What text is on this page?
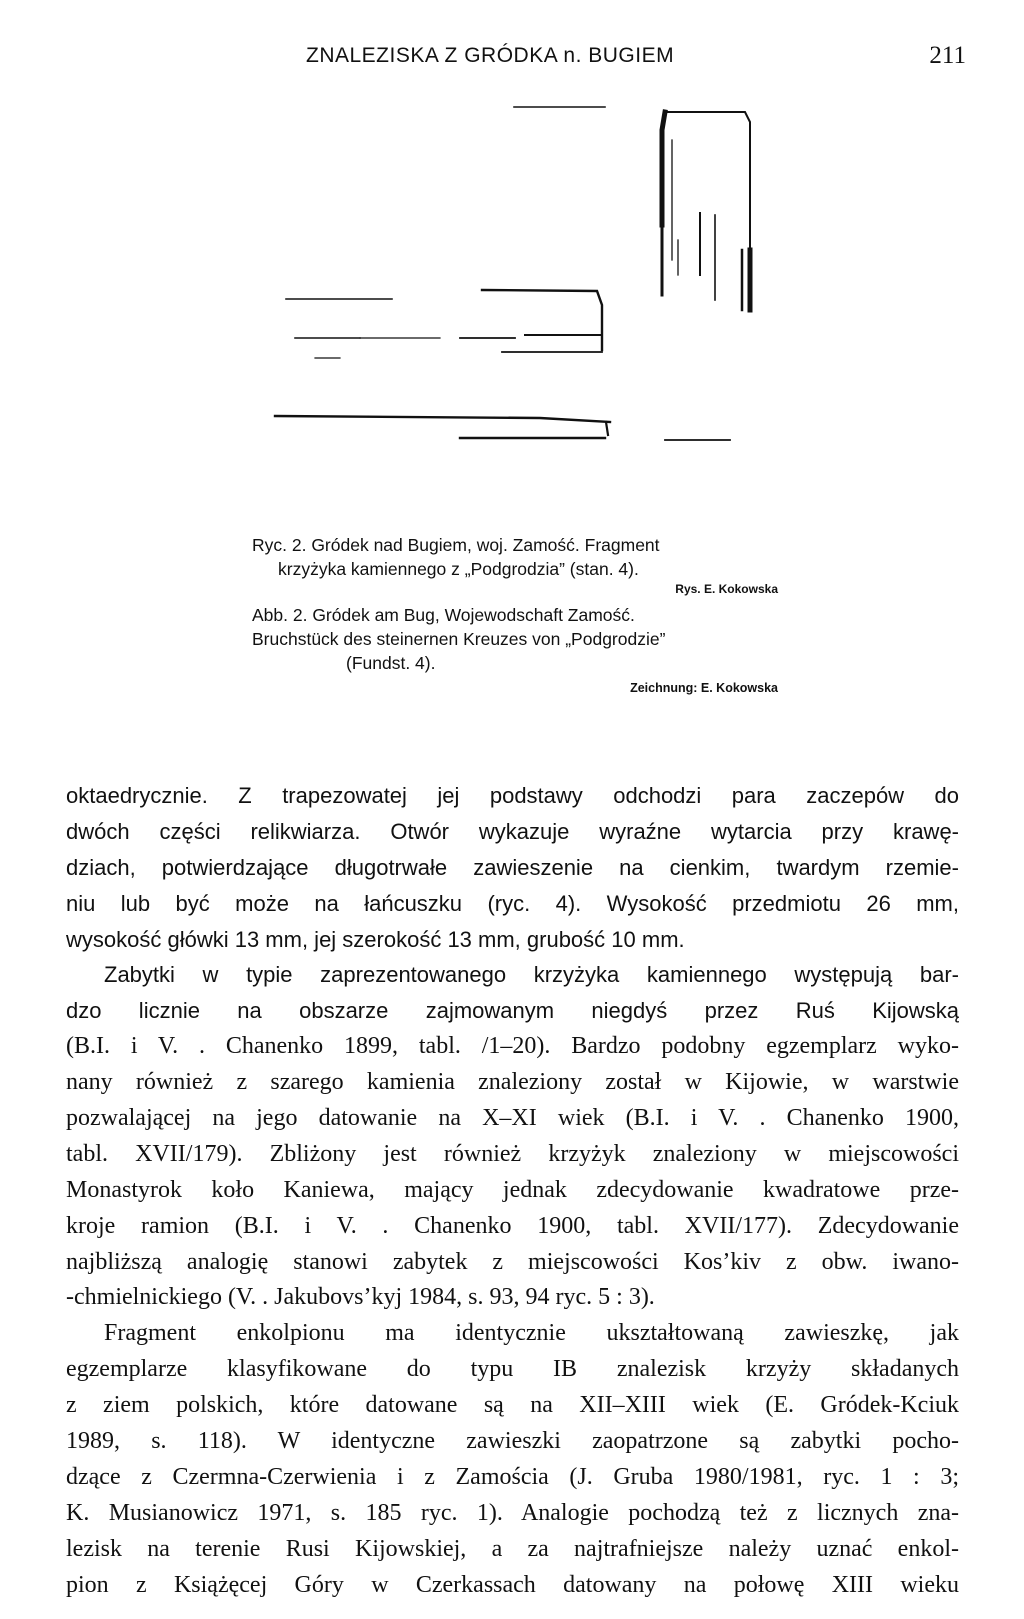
ZNALEZISKA Z GRÓDKA n. BUGIEM	211
Ryc. 2. Gródek nad Bugiem, woj. Zamość. Fragment
krzyżyka kamiennego z „Podgrodzia” (stan. 4).
Rys. E. Kokowska
Abb. 2. Gródek am Bug, Wojewodschaft Zamość.
Bruchstück des steinernen Kreuzes von „Podgrodzie”
(Fundst. 4).
Zeichnung: E. Kokowska
oktaedrycznie. Z trapezowatej jej podstawy odchodzi para zaczepów do
dwóch części relikwiarza. Otwór wykazuje wyraźne wytarcia przy krawę-
dziach, potwierdzające długotrwałe zawieszenie na cienkim, twardym rzemie-
niu lub być może na łańcuszku (ryc. 4). Wysokość przedmiotu 26 mm,
wysokość główki 13 mm, jej szerokość 13 mm, grubość 10 mm.
Zabytki w typie zaprezentowanego krzyżyka kamiennego występują bar-
dzo licznie na obszarze zajmowanym niegdyś przez Ruś Kijowską
(B.I. i V. . Chanenko 1899, tabl. /1–20). Bardzo podobny egzemplarz wyko-
nany również z szarego kamienia znaleziony został w Kijowie, w warstwie
pozwalającej na jego datowanie na X–XI wiek (B.I. i V. . Chanenko 1900,
tabl. XVII/179). Zbliżony jest również krzyżyk znaleziony w miejscowości
Monastyrok koło Kaniewa, mający jednak zdecydowanie kwadratowe prze-
kroje ramion (B.I. i V. . Chanenko 1900, tabl. XVII/177). Zdecydowanie
najbliższą analogię stanowi zabytek z miejscowości Kos’kiv z obw. iwano-
-chmielnickiego (V. . Jakubovs’kyj 1984, s. 93, 94 ryc. 5 : 3).
Fragment enkolpionu ma identycznie ukształtowaną zawieszkę, jak
egzemplarze klasyfikowane do typu IB znalezisk krzyży składanych
z ziem polskich, które datowane są na XII–XIII wiek (E. Gródek-Kciuk
1989, s. 118). W identyczne zawieszki zaopatrzone są zabytki pocho-
dzące z Czermna-Czerwienia i z Zamościa (J. Gruba 1980/1981, ryc. 1 : 3;
K. Musianowicz 1971, s. 185 ryc. 1). Analogie pochodzą też z licznych zna-
lezisk na terenie Rusi Kijowskiej, a za najtrafniejsze należy uznać enkol-
pion z Książęcej Góry w Czerkassach datowany na połowę XIII wieku
